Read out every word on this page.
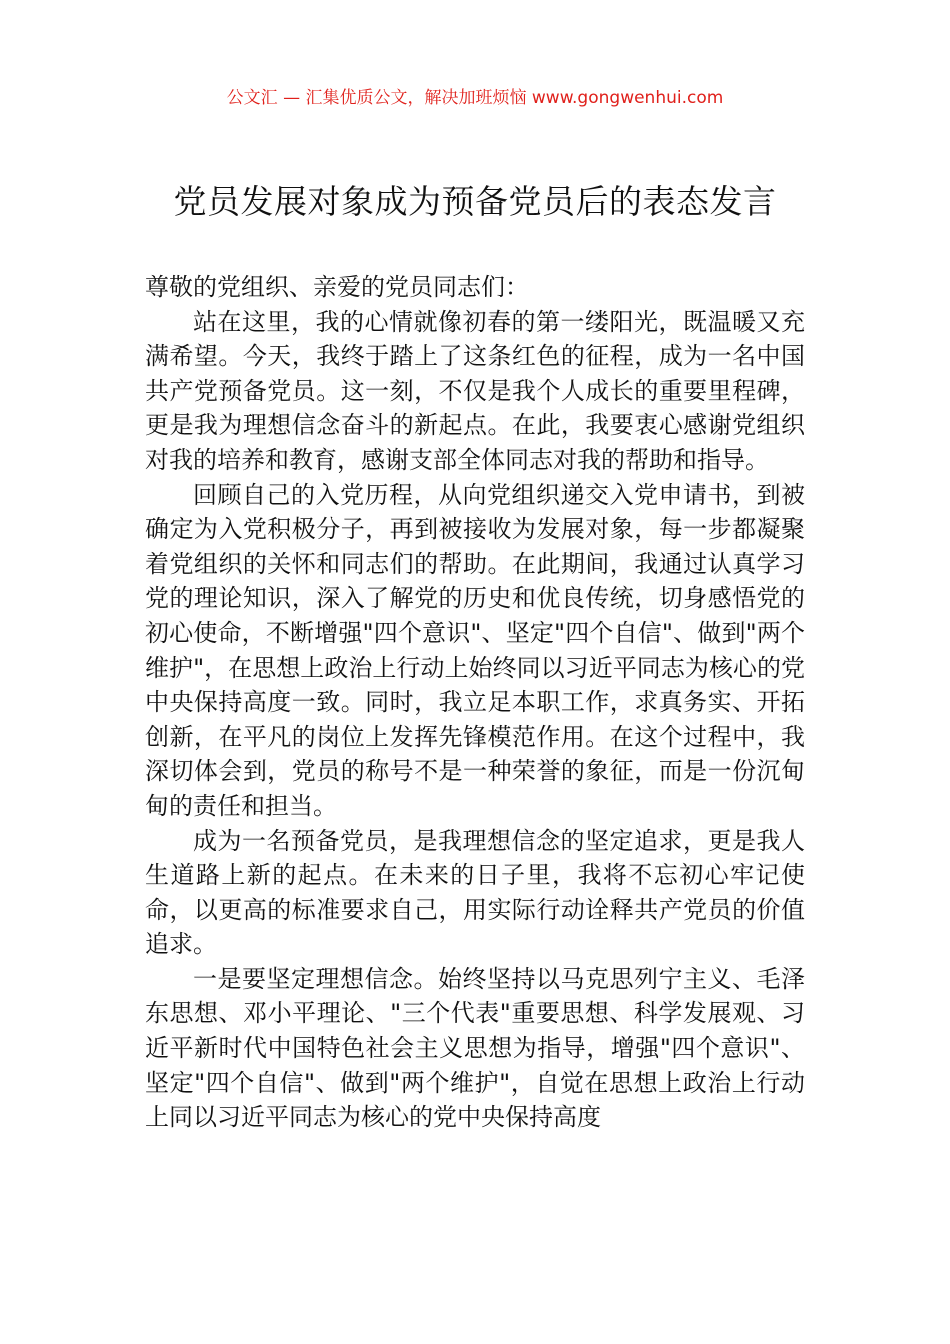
公文汇 — 汇集优质公文，解决加班烦恼 www.gongwenhui.com
党员发展对象成为预备党员后的表态发言

尊敬的党组织、亲爱的党员同志们：

站在这里，我的心情就像初春的第一缕阳光，既温暖又充满希望。今天，我终于踏上了这条红色的征程，成为一名中国共产党预备党员。这一刻，不仅是我个人成长的重要里程碑，更是我为理想信念奋斗的新起点。在此，我要衷心感谢党组织对我的培养和教育，感谢支部全体同志对我的帮助和指导。

回顾自己的入党历程，从向党组织递交入党申请书，到被确定为入党积极分子，再到被接收为发展对象，每一步都凝聚着党组织的关怀和同志们的帮助。在此期间，我通过认真学习党的理论知识，深入了解党的历史和优良传统，切身感悟党的初心使命，不断增强"四个意识"、坚定"四个自信"、做到"两个维护"，在思想上政治上行动上始终同以习近平同志为核心的党中央保持高度一致。同时，我立足本职工作，求真务实、开拓创新，在平凡的岗位上发挥先锋模范作用。在这个过程中，我深切体会到，党员的称号不是一种荣誉的象征，而是一份沉甸甸的责任和担当。

成为一名预备党员，是我理想信念的坚定追求，更是我人生道路上新的起点。在未来的日子里，我将不忘初心牢记使命，以更高的标准要求自己，用实际行动诠释共产党员的价值追求。

一是要坚定理想信念。始终坚持以马克思列宁主义、毛泽东思想、邓小平理论、"三个代表"重要思想、科学发展观、习近平新时代中国特色社会主义思想为指导，增强"四个意识"、坚定"四个自信"、做到"两个维护"，自觉在思想上政治上行动上同以习近平同志为核心的党中央保持高度
